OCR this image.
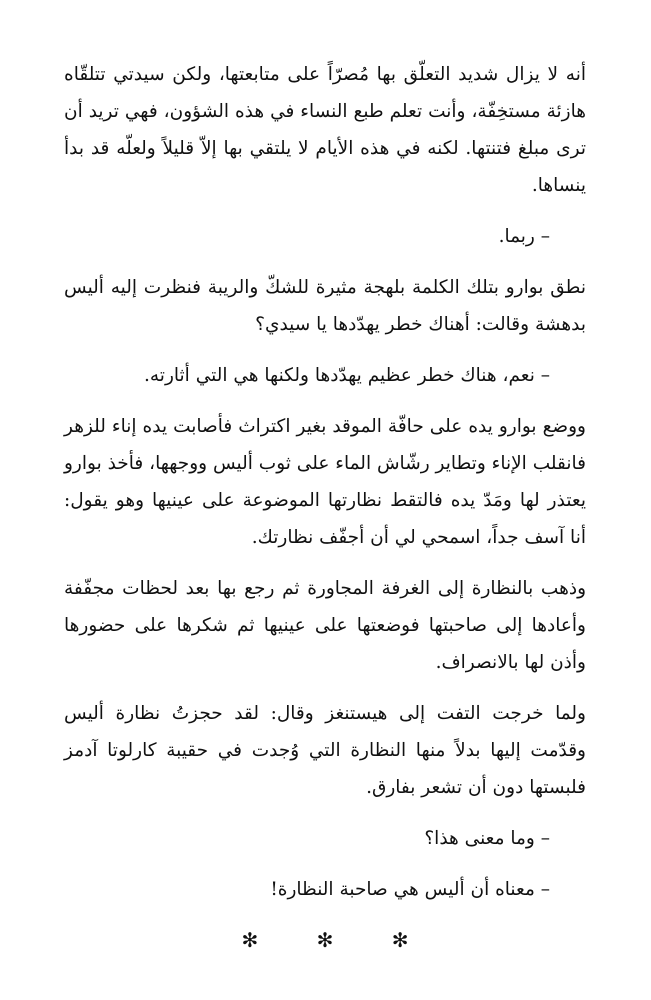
أنه لا يزال شديد التعلّق بها مُصرّاً على متابعتها، ولكن سيدتي تتلقّاه هازئة مستخِفّة، وأنت تعلم طبع النساء في هذه الشؤون، فهي تريد أن ترى مبلغ فتنتها. لكنه في هذه الأيام لا يلتقي بها إلاّ قليلاً ولعلّه قد بدأ ينساها.

– ربما.

نطق بوارو بتلك الكلمة بلهجة مثيرة للشكّ والريبة فنظرت إليه أليس بدهشة وقالت: أهناك خطر يهدّدها يا سيدي؟

– نعم، هناك خطر عظيم يهدّدها ولكنها هي التي أثارته.

ووضع بوارو يده على حافّة الموقد بغير اكتراث فأصابت يده إناء للزهر فانقلب الإناء وتطاير رشّاش الماء على ثوب أليس ووجهها، فأخذ بوارو يعتذر لها ومَدّ يده فالتقط نظارتها الموضوعة على عينيها وهو يقول: أنا آسف جداً، اسمحي لي أن أجفّف نظارتك.

وذهب بالنظارة إلى الغرفة المجاورة ثم رجع بها بعد لحظات مجفّفة وأعادها إلى صاحبتها فوضعتها على عينيها ثم شكرها على حضورها وأذن لها بالانصراف.

ولما خرجت التفت إلى هيستنغز وقال: لقد حجزتُ نظارة أليس وقدّمت إليها بدلاً منها النظارة التي وُجدت في حقيبة كارلوتا آدمز فلبستها دون أن تشعر بفارق.

– وما معنى هذا؟

– معناه أن أليس هي صاحبة النظارة!

✻ ✻ ✻
